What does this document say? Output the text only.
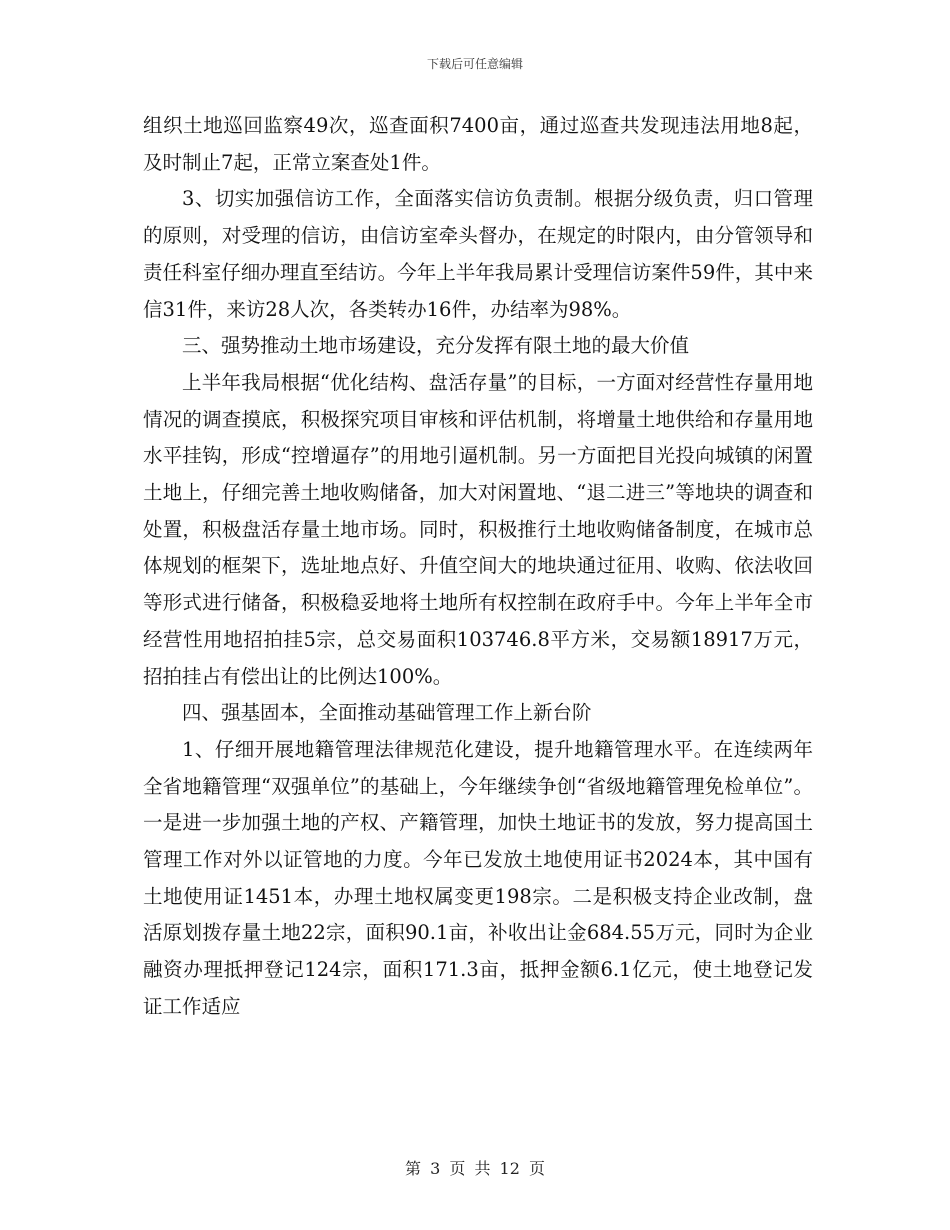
下载后可任意编辑

组织土地巡回监察49次，巡查面积7400亩，通过巡查共发现违法用地8起，及时制止7起，正常立案查处1件。

3、切实加强信访工作，全面落实信访负责制。根据分级负责，归口管理的原则，对受理的信访，由信访室牵头督办，在规定的时限内，由分管领导和责任科室仔细办理直至结访。今年上半年我局累计受理信访案件59件，其中来信31件，来访28人次，各类转办16件，办结率为98%。

三、强势推动土地市场建设，充分发挥有限土地的最大价值

上半年我局根据“优化结构、盘活存量”的目标，一方面对经营性存量用地情况的调查摸底，积极探究项目审核和评估机制，将增量土地供给和存量用地水平挂钩，形成“控增逼存”的用地引逼机制。另一方面把目光投向城镇的闲置土地上，仔细完善土地收购储备，加大对闲置地、“退二进三”等地块的调查和处置，积极盘活存量土地市场。同时，积极推行土地收购储备制度，在城市总体规划的框架下，选址地点好、升值空间大的地块通过征用、收购、依法收回等形式进行储备，积极稳妥地将土地所有权控制在政府手中。今年上半年全市经营性用地招拍挂5宗，总交易面积103746.8平方米，交易额18917万元，招拍挂占有偿出让的比例达100%。

四、强基固本，全面推动基础管理工作上新台阶

1、仔细开展地籍管理法律规范化建设，提升地籍管理水平。在连续两年全省地籍管理“双强单位”的基础上，今年继续争创“省级地籍管理免检单位”。一是进一步加强土地的产权、产籍管理，加快土地证书的发放，努力提高国土管理工作对外以证管地的力度。今年已发放土地使用证书2024本，其中国有土地使用证1451本，办理土地权属变更198宗。二是积极支持企业改制，盘活原划拨存量土地22宗，面积90.1亩，补收出让金684.55万元，同时为企业融资办理抵押登记124宗，面积171.3亩，抵押金额6.1亿元，使土地登记发证工作适应

第 3 页 共 12 页
